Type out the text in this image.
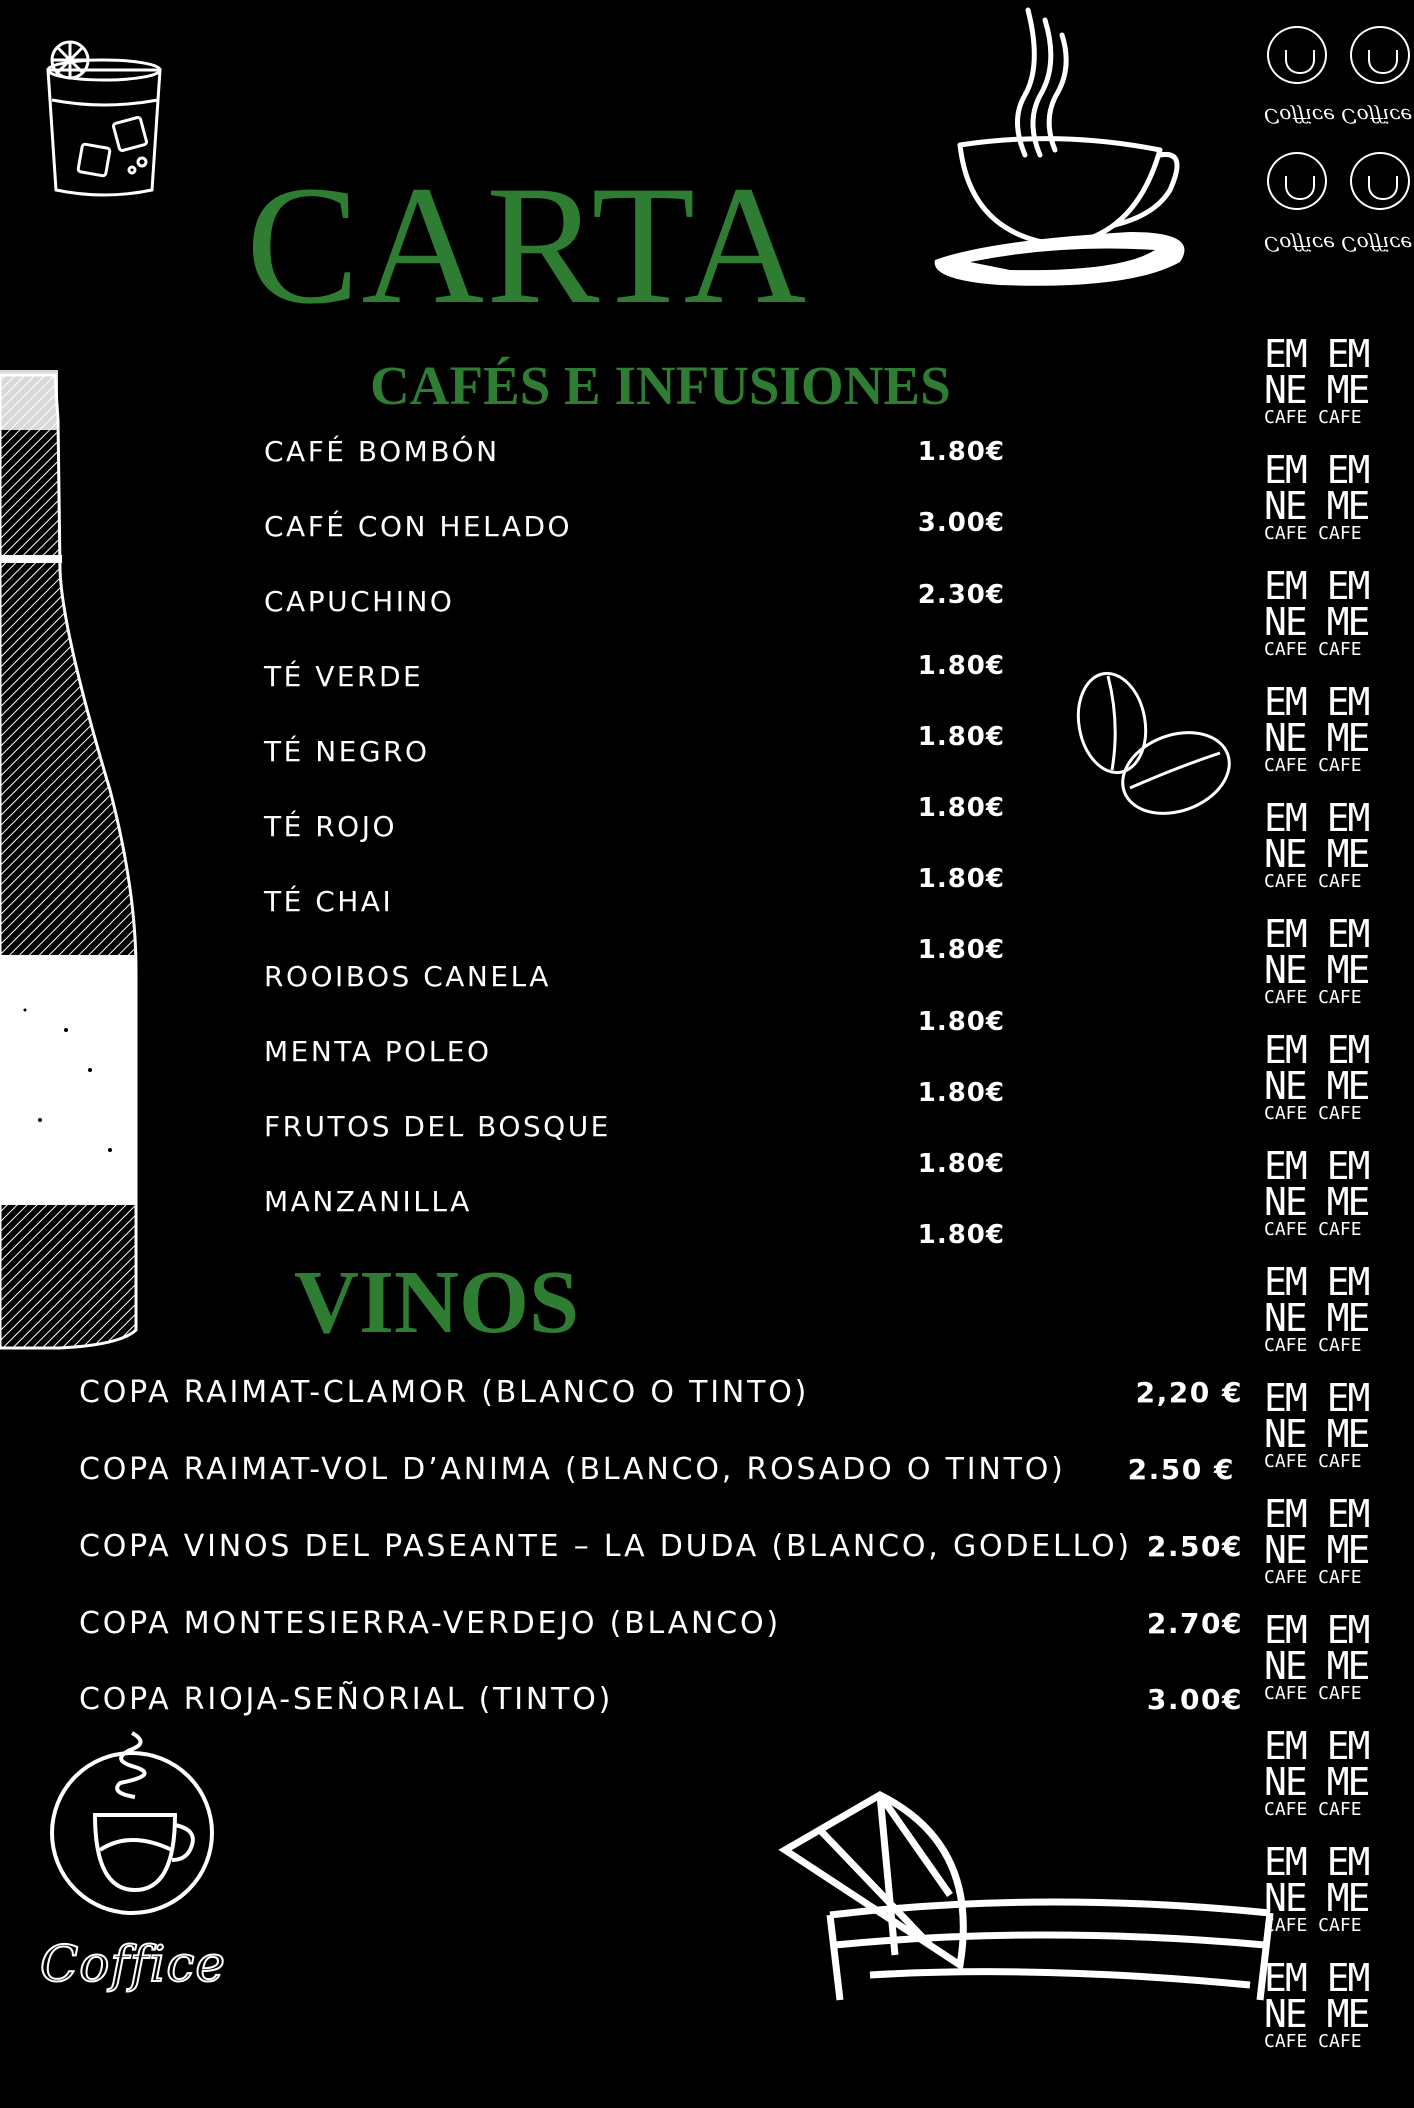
Coffice
Coffice Coffice
Coffice Coffice

EM EM
NE ME
CAFE CAFE

EM EM
NE ME
CAFE CAFE

EM EM
NE ME
CAFE CAFE

EM EM
NE ME
CAFE CAFE

EM EM
NE ME
CAFE CAFE

EM EM
NE ME
CAFE CAFE

EM EM
NE ME
CAFE CAFE

EM EM
NE ME
CAFE CAFE

EM EM
NE ME
CAFE CAFE

EM EM
NE ME
CAFE CAFE

EM EM
NE ME
CAFE CAFE

EM EM
NE ME
CAFE CAFE

EM EM
NE ME
CAFE CAFE

EM EM
NE ME
CAFE CAFE

EM EM
NE ME
CAFE CAFE

CARTA
CAFÉS E INFUSIONES
VINOS
CAFÉ BOMBÓN
CAFÉ CON HELADO
CAPUCHINO
TÉ VERDE
TÉ NEGRO
TÉ ROJO
TÉ CHAI
ROOIBOS CANELA
MENTA POLEO
FRUTOS DEL BOSQUE
MANZANILLA
1.80€
3.00€
2.30€
1.80€
1.80€
1.80€
1.80€
1.80€
1.80€
1.80€
1.80€
1.80€
COPA RAIMAT-CLAMOR (BLANCO O TINTO)
COPA RAIMAT-VOL D’ANIMA (BLANCO, ROSADO O TINTO)
COPA VINOS DEL PASEANTE – LA DUDA (BLANCO, GODELLO)
COPA MONTESIERRA-VERDEJO (BLANCO)
COPA RIOJA-SEÑORIAL (TINTO)
2,20 €
2.50 €
2.50€
2.70€
3.00€
